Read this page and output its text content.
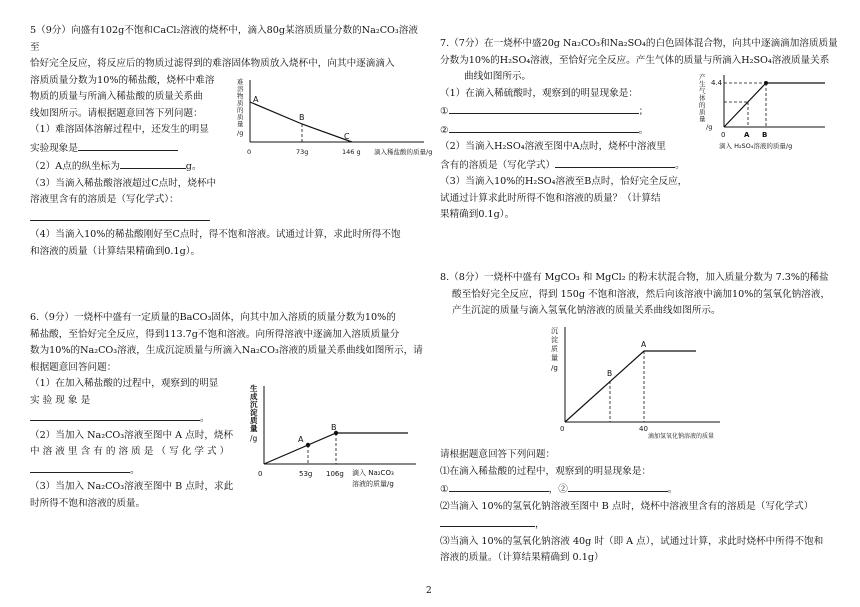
5（9分）向盛有102g不饱和CaCl₂溶液的烧杯中，滴入80g某溶质质量分数的Na₂CO₃溶液至

恰好完全反应，将反应后的物质过滤得到的难溶固体物质放入烧杯中，向其中逐滴滴入

溶质质量分数为10%的稀盐酸，烧杯中难溶

物质的质量与所滴入稀盐酸的质量关系曲

线如图所示。请根据题意回答下列问题：

（1）难溶固体溶解过程中，还发生的明显

实验现象是

（2）A点的纵坐标为	g。

（3）当滴入稀盐酸溶液超过C点时，烧杯中

溶液里含有的溶质是（写化学式）：

（4）当滴入10%的稀盐酸刚好至C点时，得不饱和溶液。试通过计算，求此时所得不饱

和溶液的质量（计算结果精确到0.1g）。

难
溶
物
质
的
质
量
/g
A
B
C
0	73g	146 g 滴入稀盐酸的质量/g

6.（9分）一烧杯中盛有一定质量的BaCO₃固体，向其中加入溶质的质量分数为10%的

稀盐酸，至恰好完全反应，得到113.7g不饱和溶液。向所得溶液中逐滴加入溶质质量分

数为10%的Na₂CO₃溶液，生成沉淀质量与所滴入Na₂CO₃溶液的质量关系曲线如图所示，请

根据题意回答问题：

（1）在加入稀盐酸的过程中，观察到的明显

实 验 现 象 是

。

（2）当加入 Na₂CO₃溶液至图中 A 点时，烧杯

中 溶 液 里 含 有 的 溶 质 是 （ 写 化 学 式 ）

。

（3）当加入 Na₂CO₃溶液至图中 B 点时，求此

时所得不饱和溶液的质量。

生
成
沉
淀
质
量
/g	A
B
0	53g 106g 滴入 Na₂CO₃
溶液的质量/g

7.（7分）在一烧杯中盛20g Na₂CO₃和Na₂SO₄的白色固体混合物，向其中逐滴滴加溶质质量

分数为10%的H₂SO₄溶液，至恰好完全反应。产生气体的质量与所滴入H₂SO₄溶液质量关系

曲线如图所示。

（1）在滴入稀硫酸时，观察到的明显现象是：

①	；

②	。

（2）当滴入H₂SO₄溶液至图中A点时，烧杯中溶液里

含有的溶质是（写化学式）	。

（3）当滴入10%的H₂SO₄溶液至B点时，恰好完全反应，

试通过计算求此时所得不饱和溶液的质量？（计算结

果精确到0.1g）。

产
生
气
体
的
质
量
/g
4.4
0	A B
滴入 H₂SO₄溶液的质量/g

8.（8分）一烧杯中盛有 MgCO₃ 和 MgCl₂ 的粉末状混合物，加入质量分数为 7.3%的稀盐

酸至恰好完全反应，得到 150g 不饱和溶液，然后向该溶液中滴加10%的氢氧化钠溶液，

产生沉淀的质量与滴入氢氧化钠溶液的质量关系曲线如图所示。

沉
淀
质
量
/g
A
B
0	40
滴加氢氧化钠溶液的质量

请根据题意回答下列问题：

⑴在滴入稀盐酸的过程中，观察到的明显现象是：

①	，②	。

⑵当滴入 10%的氢氧化钠溶液至图中 B 点时，烧杯中溶液里含有的溶质是（写化学式）

，

⑶当滴入 10%的氢氧化钠溶液 40g 时（即 A 点），试通过计算，求此时烧杯中所得不饱和

溶液的质量。（计算结果精确到 0.1g）

2
